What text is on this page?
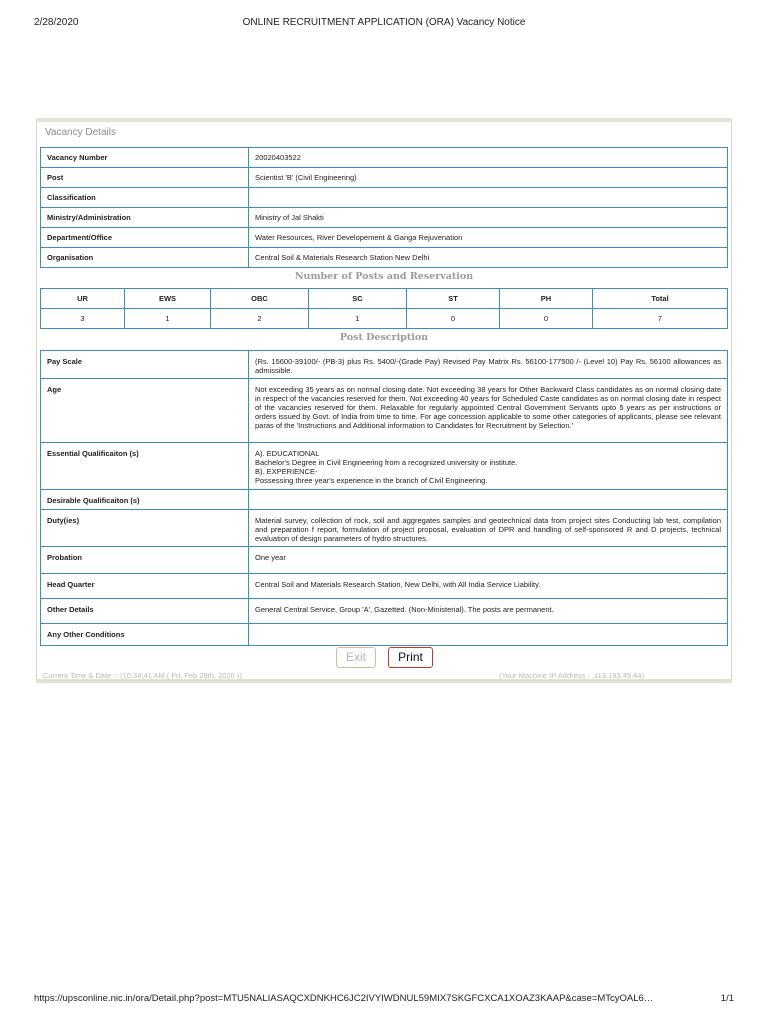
2/28/2020	ONLINE RECRUITMENT APPLICATION (ORA) Vacancy Notice
Vacancy Details
Vacancy Number	20020403522
Post	Scientist 'B' (Civil Engineering)
Classification	
Ministry/Administration	Ministry of Jal Shakti
Department/Office	Water Resources, River Developement & Ganga Rejuvenation
Organisation	Central Soil & Materials Research Station New Delhi
Number of Posts and Reservation
UR	EWS	OBC	SC	ST	PH	Total
3	1	2	1	0	0	7
Post Description
Pay Scale	(Rs. 15600-39100/- (PB-3) plus Rs. 5400/-(Grade Pay) Revised Pay Matrix Rs. 56100-177500 /- (Level 10) Pay Rs. 56100 allowances as admissible.
Age	Not exceeding 35 years as on normal closing date. Not exceeding 38 years for Other Backward Class candidates as on normal closing date in respect of the vacancies reserved for them. Not exceeding 40 years for Scheduled Caste candidates as on normal closing date in respect of the vacancies reserved for them. Relaxable for regularly appointed Central Government Servants upto 5 years as per instructions or orders issued by Govt. of India from time to time. For age concession applicable to some other categories of applicants, please see relevant paras of the 'Instructions and Additional information to Candidates for Recruitment by Selection.'
Essential Qualificaiton (s)	A). EDUCATIONAL
Bachelor's Degree in Civil Engineering from a recognized university or institute.
B). EXPERIENCE-
Possessing three year's experience in the branch of Civil Engineering.

Desirable Qualificaiton (s)	
Duty(ies)	Material survey, collection of rock, soil and aggregates samples and geotechnical data from project sites Conducting lab test, compilation and preparation f report, formulation of project proposal, evaluation of DPR and handling of self-sponsored R and D projects, technical evaluation of design parameters of hydro structures.
Probation	One year
Head Quarter	Central Soil and Materials Research Station, New Delhi, with All India Service Liability.
Other Details	General Central Service, Group 'A', Gazetted. (Non-Ministerial). The posts are permanent.
Any Other Conditions	
Exit	Print
Current Time & Date :- (10:34:41 AM ( Fri, Feb 28th, 2020 ))	(Your Machine IP Address - :113.193.49.44)
https://upsconline.nic.in/ora/Detail.php?post=MTU5NALIASAQCXDNKHC6JC2IVYIWDNUL59MIX7SKGFCXCA1XOAZ3KAAP&case=MTcyOAL6…	1/1
